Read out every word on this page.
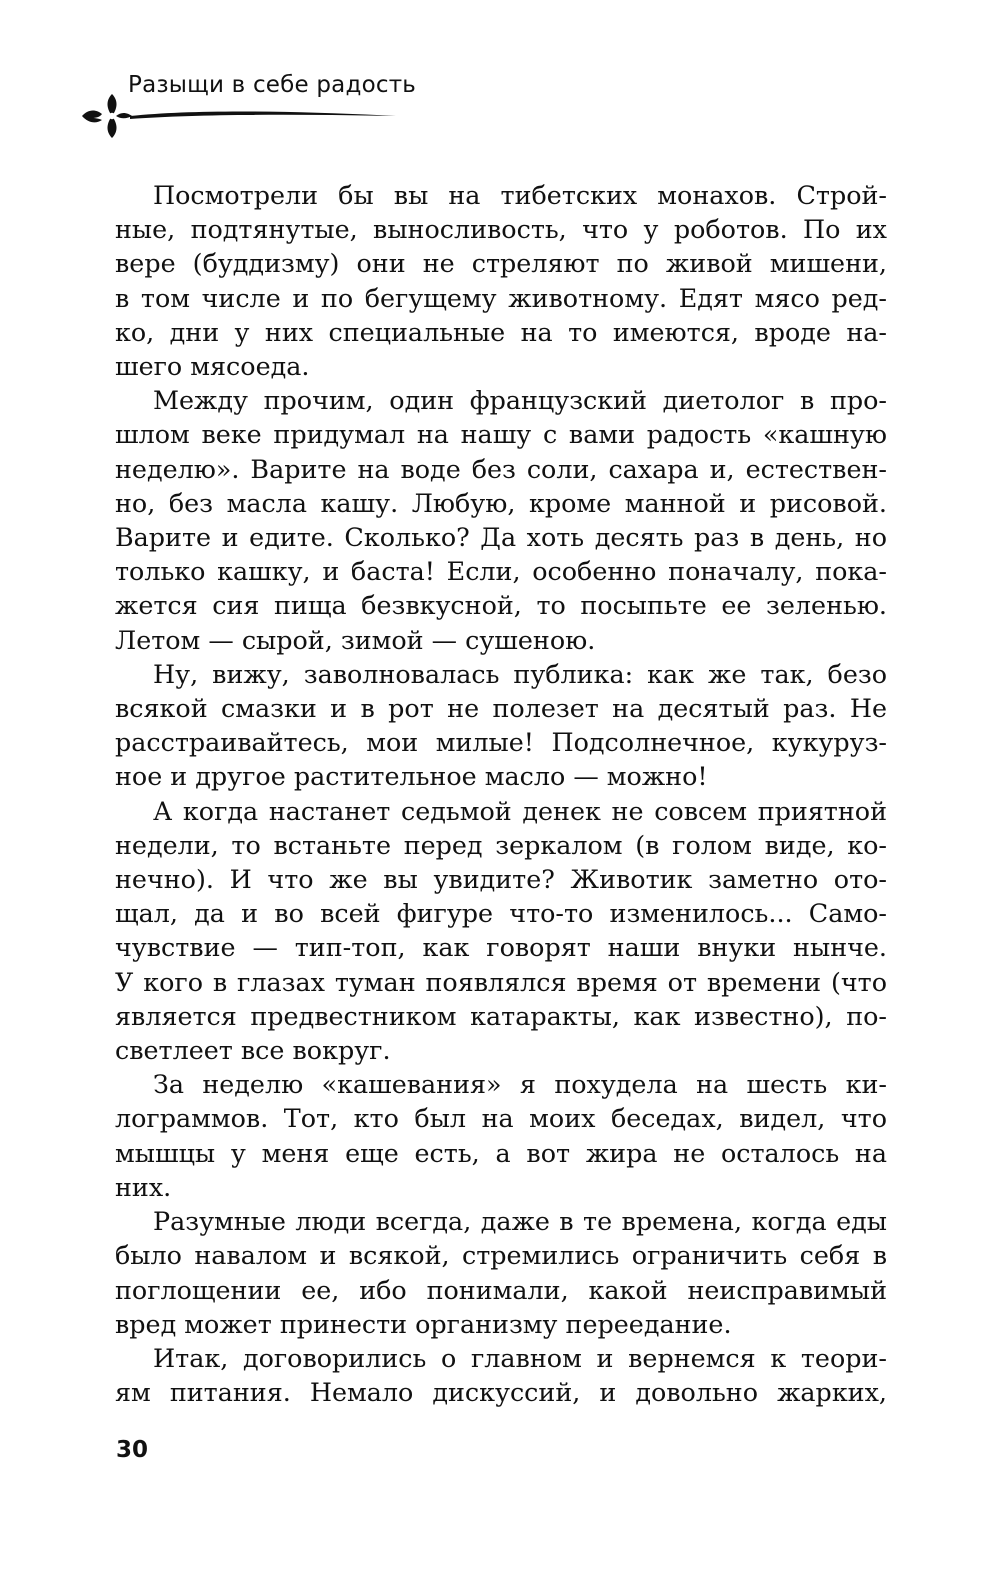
Разыщи в себе радость

Посмотрели бы вы на тибетских монахов. Строй-
ные, подтянутые, выносливость, что у роботов. По их
вере (буддизму) они не стреляют по живой мишени,
в том числе и по бегущему животному. Едят мясо ред-
ко, дни у них специальные на то имеются, вроде на-
шего мясоеда.

Между прочим, один французский диетолог в про-
шлом веке придумал на нашу с вами радость «кашную
неделю». Варите на воде без соли, сахара и, естествен-
но, без масла кашу. Любую, кроме манной и рисовой.
Варите и едите. Сколько? Да хоть десять раз в день, но
только кашку, и баста! Если, особенно поначалу, пока-
жется сия пища безвкусной, то посыпьте ее зеленью.
Летом — сырой, зимой — сушеною.

Ну, вижу, заволновалась публика: как же так, безо
всякой смазки и в рот не полезет на десятый раз. Не
расстраивайтесь, мои милые! Подсолнечное, кукуруз-
ное и другое растительное масло — можно!

А когда настанет седьмой денек не совсем приятной
недели, то встаньте перед зеркалом (в голом виде, ко-
нечно). И что же вы увидите? Животик заметно ото-
щал, да и во всей фигуре что-то изменилось... Само-
чувствие — тип-топ, как говорят наши внуки нынче.
У кого в глазах туман появлялся время от времени (что
является предвестником катаракты, как известно), по-
светлеет все вокруг.

За неделю «кашевания» я похудела на шесть ки-
лограммов. Тот, кто был на моих беседах, видел, что
мышцы у меня еще есть, а вот жира не осталось на
них.

Разумные люди всегда, даже в те времена, когда еды
было навалом и всякой, стремились ограничить себя в
поглощении ее, ибо понимали, какой неисправимый
вред может принести организму переедание.

Итак, договорились о главном и вернемся к теори-
ям питания. Немало дискуссий, и довольно жарких,

30
